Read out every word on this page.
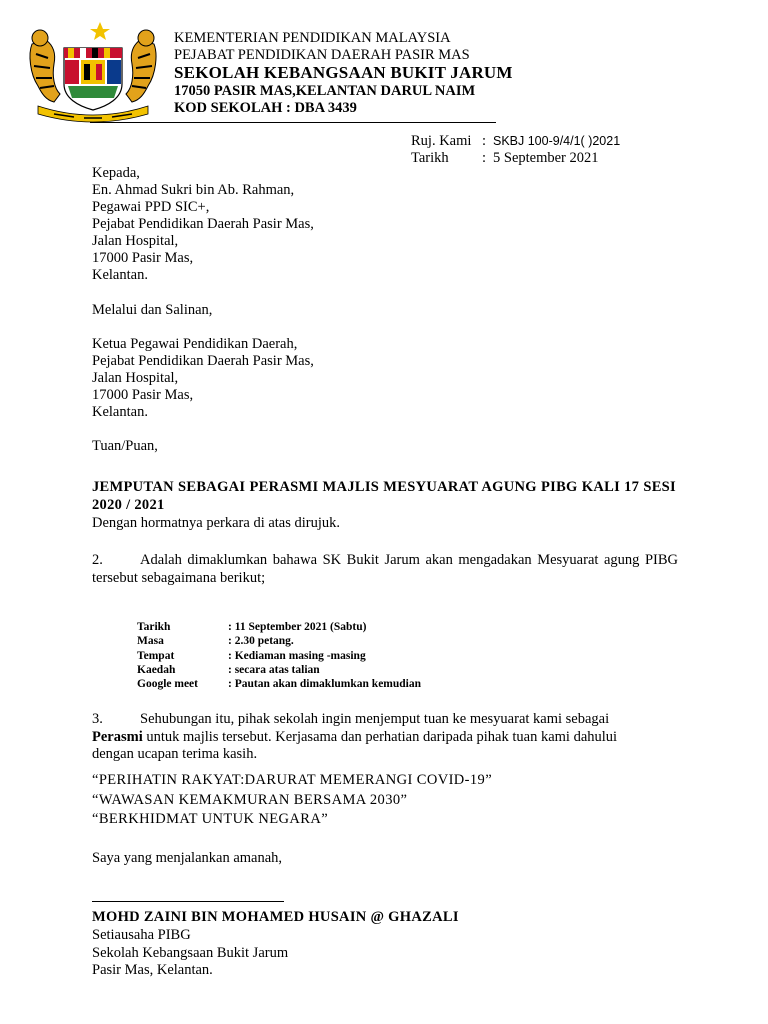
KEMENTERIAN PENDIDIKAN MALAYSIA
PEJABAT PENDIDIKAN DAERAH PASIR MAS
SEKOLAH KEBANGSAAN BUKIT JARUM
17050 PASIR MAS,KELANTAN DARUL NAIM
KOD SEKOLAH : DBA 3439
Ruj. Kami : SKBJ 100-9/4/1( )2021
Tarikh	: 5 September 2021
Kepada,
En. Ahmad Sukri bin Ab. Rahman,
Pegawai PPD SIC+,
Pejabat Pendidikan Daerah Pasir Mas,
Jalan Hospital,
17000 Pasir Mas,
Kelantan.
Melalui dan Salinan,
Ketua Pegawai Pendidikan Daerah,
Pejabat Pendidikan Daerah Pasir Mas,
Jalan Hospital,
17000 Pasir Mas,
Kelantan.
Tuan/Puan,
JEMPUTAN SEBAGAI PERASMI MAJLIS MESYUARAT AGUNG PIBG KALI 17 SESI 2020 / 2021
Dengan hormatnya perkara di atas dirujuk.
2.	Adalah dimaklumkan bahawa SK Bukit Jarum akan mengadakan Mesyuarat agung PIBG tersebut sebagaimana berikut;
Tarikh	: 11 September 2021 (Sabtu)
Masa	: 2.30 petang.
Tempat	: Kediaman masing -masing
Kaedah	: secara atas talian
Google meet	: Pautan akan dimaklumkan kemudian
3.	Sehubungan itu, pihak sekolah ingin menjemput tuan ke mesyuarat kami sebagai
Perasmi untuk majlis tersebut. Kerjasama dan perhatian daripada pihak tuan kami dahului dengan ucapan terima kasih.
“PERIHATIN RAKYAT:DARURAT MEMERANGI COVID-19”
“WAWASAN KEMAKMURAN BERSAMA 2030”
“BERKHIDMAT UNTUK NEGARA”
Saya yang menjalankan amanah,
MOHD ZAINI BIN MOHAMED HUSAIN @ GHAZALI
Setiausaha PIBG
Sekolah Kebangsaan Bukit Jarum
Pasir Mas, Kelantan.
